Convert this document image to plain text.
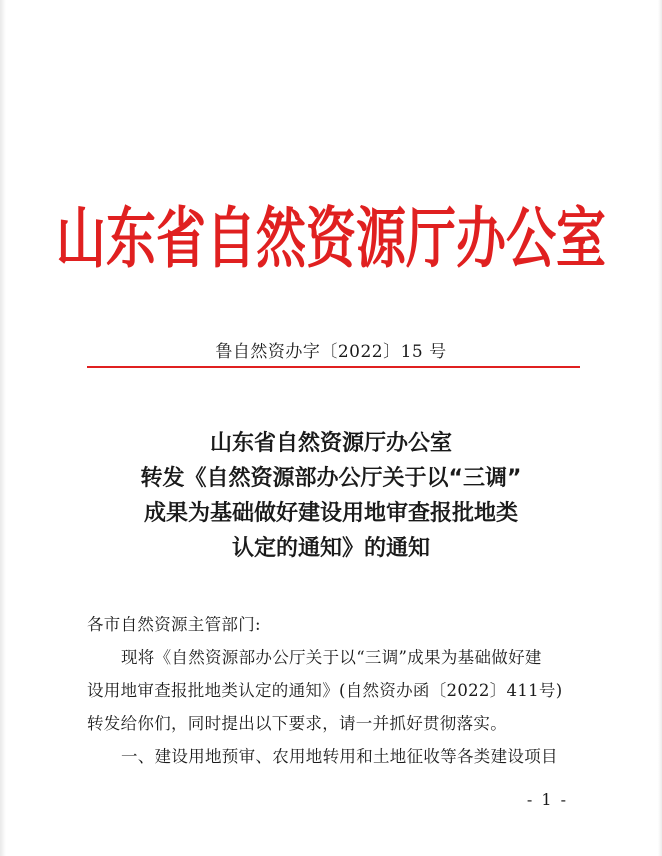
山东省自然资源厅办公室
鲁自然资办字〔2022〕15 号
山东省自然资源厅办公室
转发《自然资源部办公厅关于以“三调”
成果为基础做好建设用地审查报批地类
认定的通知》的通知

各市自然资源主管部门:

现将《自然资源部办公厅关于以“三调”成果为基础做好建

设用地审查报批地类认定的通知》(自然资办函〔2022〕411号)

转发给你们，同时提出以下要求，请一并抓好贯彻落实。

一、建设用地预审、农用地转用和土地征收等各类建设项目

- 1 -
